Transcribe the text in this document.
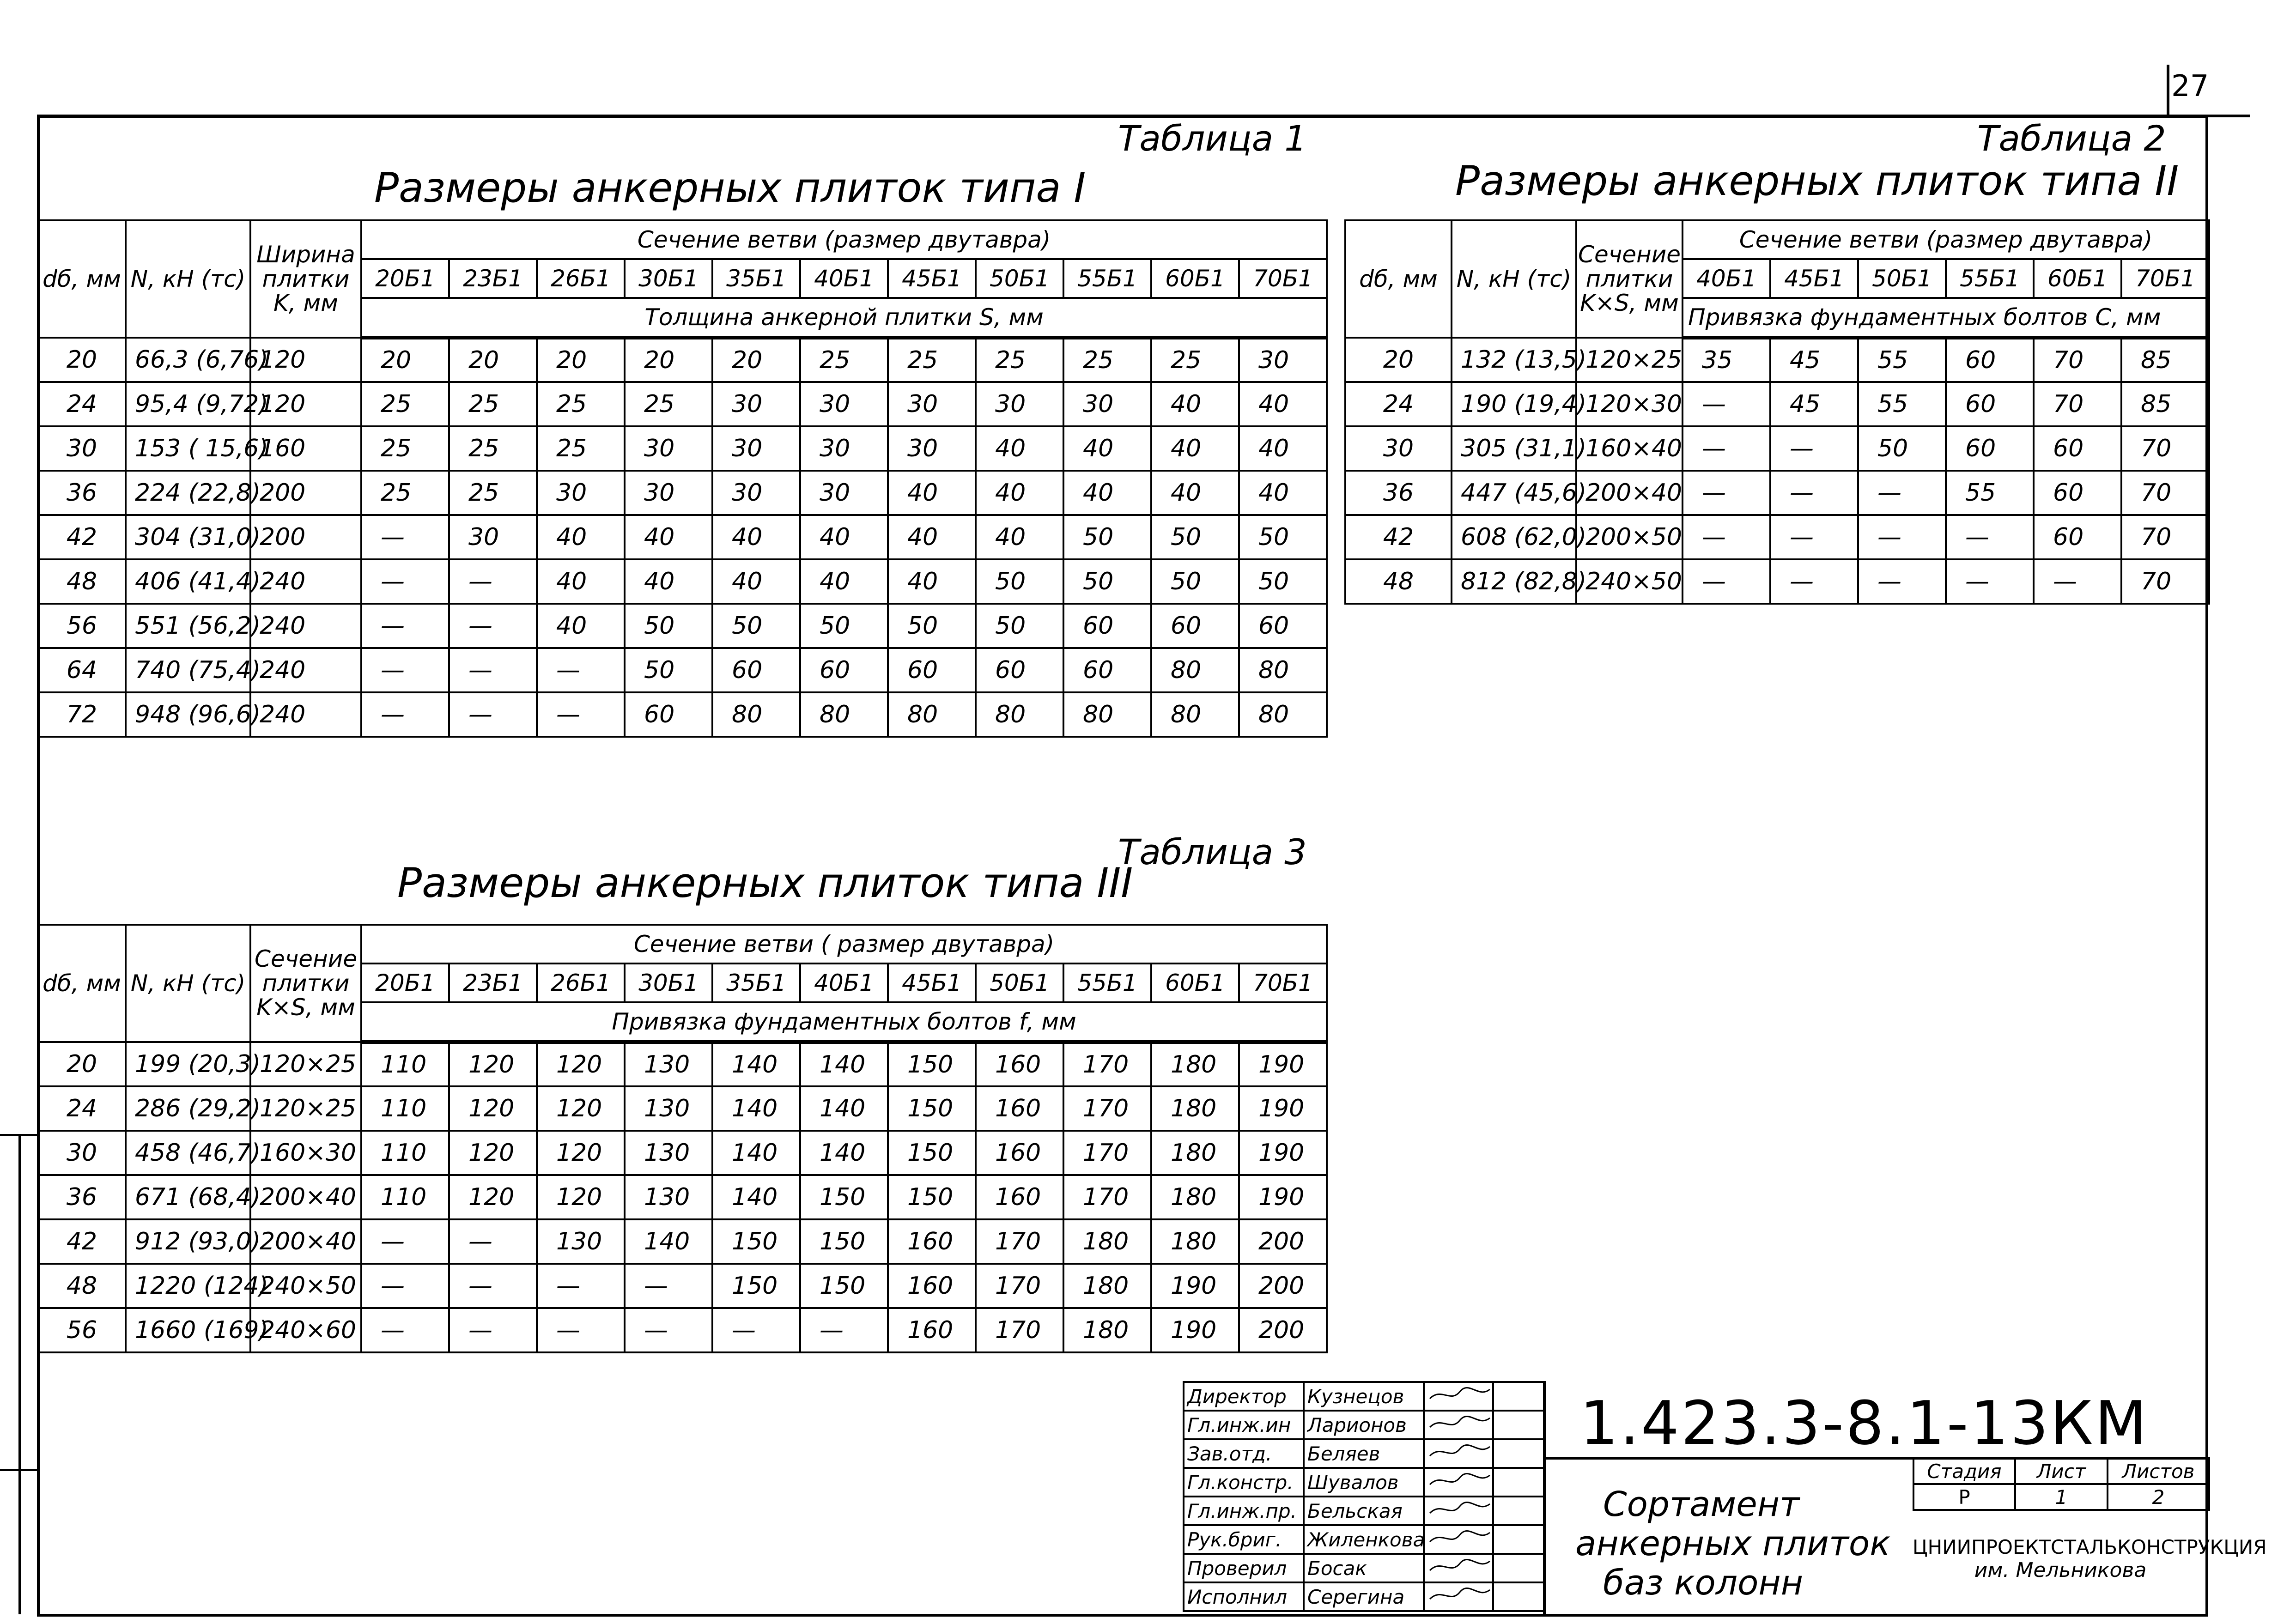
27
Таблица 1
Размеры анкерных плиток типа I
Таблица 2
Размеры анкерных плиток типа II
Таблица 3
Размеры анкерных плиток типа III
dб, мм	N, кН (тс)	Ширина плитки K, мм	Сечение ветви (размер двутавра)										
			20Б1	23Б1	26Б1	30Б1	35Б1	40Б1	45Б1	50Б1	55Б1	60Б1	70Б1
			Толщина анкерной плитки S, мм										
20	66,3 (6,76)	120	20	20	20	20	20	25	25	25	25	25	30
24	95,4 (9,72)	120	25	25	25	25	30	30	30	30	30	40	40
30	153 ( 15,6)	160	25	25	25	30	30	30	30	40	40	40	40
36	224 (22,8)	200	25	25	30	30	30	30	40	40	40	40	40
42	304 (31,0)	200	—	30	40	40	40	40	40	40	50	50	50
48	406 (41,4)	240	—	—	40	40	40	40	40	50	50	50	50
56	551 (56,2)	240	—	—	40	50	50	50	50	50	60	60	60
64	740 (75,4)	240	—	—	—	50	60	60	60	60	60	80	80
72	948 (96,6)	240	—	—	—	60	80	80	80	80	80	80	80
dб, мм	N, кН (тс)	Сечение плитки K×S, мм	Сечение ветви (размер двутавра)					
			40Б1	45Б1	50Б1	55Б1	60Б1	70Б1
			Привязка фундаментных болтов C, мм					
20	132 (13,5)	120×25	35	45	55	60	70	85
24	190 (19,4)	120×30	—	45	55	60	70	85
30	305 (31,1)	160×40	—	—	50	60	60	70
36	447 (45,6)	200×40	—	—	—	55	60	70
42	608 (62,0)	200×50	—	—	—	—	60	70
48	812 (82,8)	240×50	—	—	—	—	—	70
dб, мм	N, кН (тс)	Сечение плитки K×S, мм	Сечение ветви ( размер двутавра)										
			20Б1	23Б1	26Б1	30Б1	35Б1	40Б1	45Б1	50Б1	55Б1	60Б1	70Б1
			Привязка фундаментных болтов f, мм										
20	199 (20,3)	120×25	110	120	120	130	140	140	150	160	170	180	190
24	286 (29,2)	120×25	110	120	120	130	140	140	150	160	170	180	190
30	458 (46,7)	160×30	110	120	120	130	140	140	150	160	170	180	190
36	671 (68,4)	200×40	110	120	120	130	140	150	150	160	170	180	190
42	912 (93,0)	200×40	—	—	130	140	150	150	160	170	180	180	200
48	1220 (124)	240×50	—	—	—	—	150	150	160	170	180	190	200
56	1660 (169)	240×60	—	—	—	—	—	—	160	170	180	190	200
Директор	Кузнецов		
Гл.инж.ин	Ларионов		
Зав.отд.	Беляев		
Гл.констр.	Шувалов		
Гл.инж.пр.	Бельская		
Рук.бриг.	Жиленкова		
Проверил	Босак		
Исполнил	Серегина		
1.423.3-8.1-13КМ
Сортамент
анкерных плиток
баз колонн
Стадия	Лист	Листов
Р	1	2
ЦНИИПРОЕКТСТАЛЬКОНСТРУКЦИЯ
им. Мельникова
